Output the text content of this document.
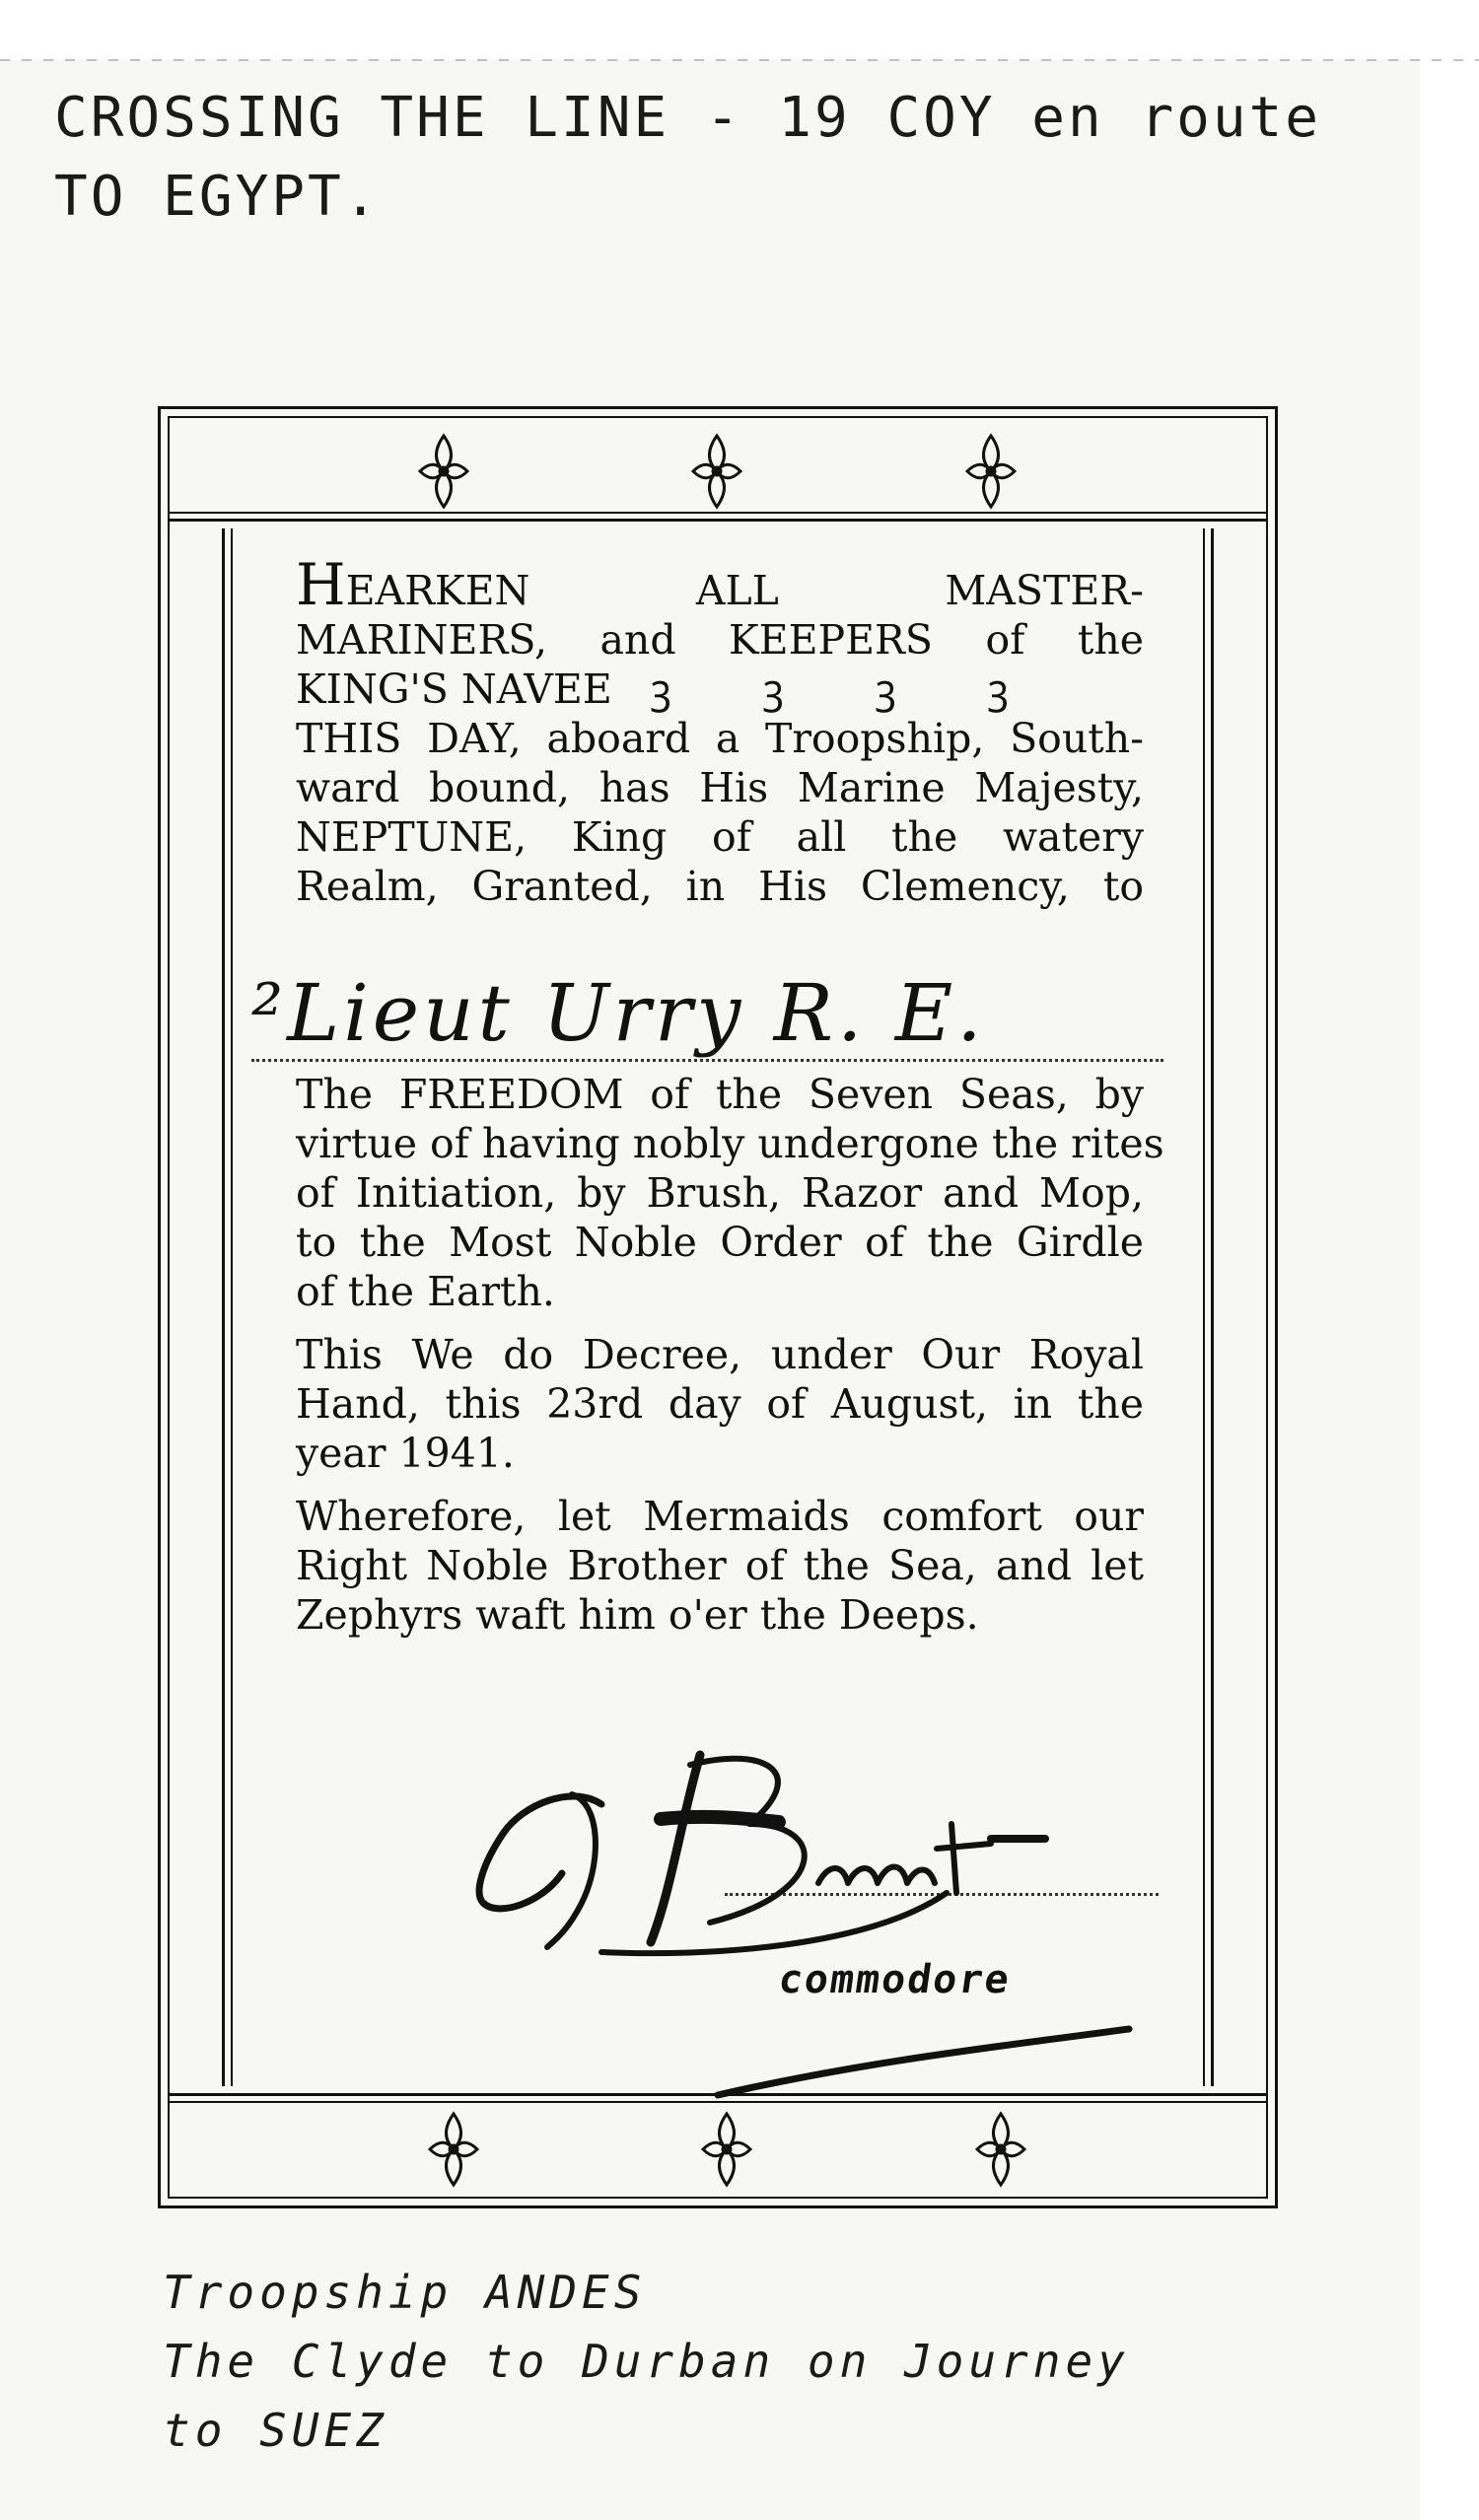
CROSSING THE LINE - 19 COY en route
TO EGYPT.
HEARKEN ALL MASTER-
MARINERS, and KEEPERS of the
KING'S NAVEE ꝫ ꝫ ꝫ ꝫ
THIS DAY, aboard a Troopship, South-
ward bound, has His Marine Majesty,
NEPTUNE, King of all the watery
Realm, Granted, in His Clemency, to
²Lieut Urry R. E.
The FREEDOM of the Seven Seas, by
virtue of having nobly undergone the rites
of Initiation, by Brush, Razor and Mop,
to the Most Noble Order of the Girdle
of the Earth.
This We do Decree, under Our Royal
Hand, this 23rd day of August, in the
year 1941.
Wherefore, let Mermaids comfort our
Right Noble Brother of the Sea, and let
Zephyrs waft him o'er the Deeps.
commodore
Troopship ANDES
The Clyde to Durban on Journey
to SUEZ
